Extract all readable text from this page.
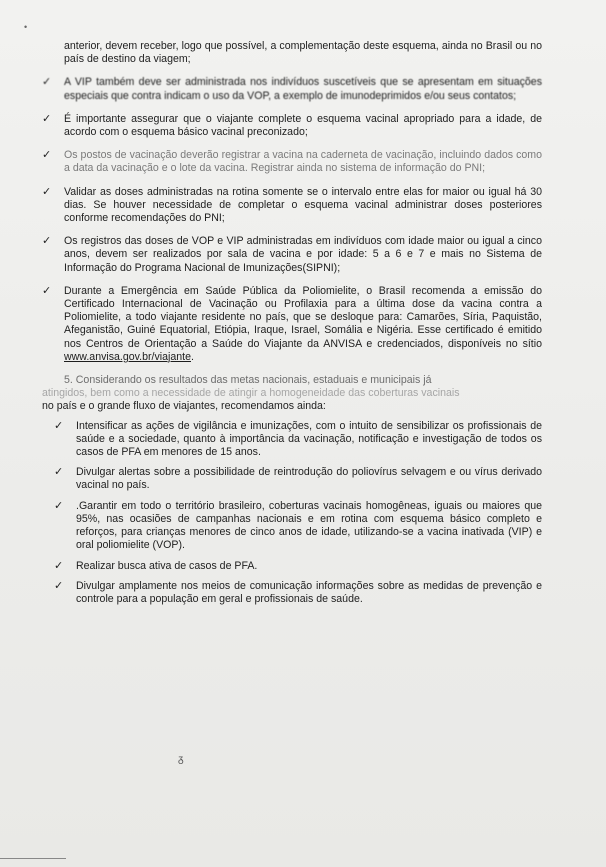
•

anterior, devem receber, logo que possível, a complementação deste esquema, ainda no Brasil ou no país de destino da viagem;

✓ A VIP também deve ser administrada nos indivíduos suscetíveis que se apresentam em situações especiais que contra indicam o uso da VOP, a exemplo de imunodeprimidos e/ou seus contatos;
✓ É importante assegurar que o viajante complete o esquema vacinal apropriado para a idade, de acordo com o esquema básico vacinal preconizado;
✓ Os postos de vacinação deverão registrar a vacina na caderneta de vacinação, incluindo dados como a data da vacinação e o lote da vacina. Registrar ainda no sistema de informação do PNI;
✓ Validar as doses administradas na rotina somente se o intervalo entre elas for maior ou igual há 30 dias. Se houver necessidade de completar o esquema vacinal administrar doses posteriores conforme recomendações do PNI;
✓ Os registros das doses de VOP e VIP administradas em indivíduos com idade maior ou igual a cinco anos, devem ser realizados por sala de vacina e por idade: 5 a 6 e 7 e mais no Sistema de Informação do Programa Nacional de Imunizações(SIPNI);
✓ Durante a Emergência em Saúde Pública da Poliomielite, o Brasil recomenda a emissão do Certificado Internacional de Vacinação ou Profilaxia para a última dose da vacina contra a Poliomielite, a todo viajante residente no país, que se desloque para: Camarões, Síria, Paquistão, Afeganistão, Guiné Equatorial, Etiópia, Iraque, Israel, Somália e Nigéria. Esse certificado é emitido nos Centros de Orientação a Saúde do Viajante da ANVISA e credenciados, disponíveis no sítio www.anvisa.gov.br/viajante.
5. Considerando os resultados das metas nacionais, estaduais e municipais já
atingidos, bem como a necessidade de atingir a homogeneidade das coberturas vacinais
no país e o grande fluxo de viajantes, recomendamos ainda:
✓ Intensificar as ações de vigilância e imunizações, com o intuito de sensibilizar os profissionais de saúde e a sociedade, quanto à importância da vacinação, notificação e investigação de todos os casos de PFA em menores de 15 anos.
✓ Divulgar alertas sobre a possibilidade de reintrodução do poliovírus selvagem e ou vírus derivado vacinal no país.
✓ .Garantir em todo o território brasileiro, coberturas vacinais homogêneas, iguais ou maiores que 95%, nas ocasiões de campanhas nacionais e em rotina com esquema básico completo e reforços, para crianças menores de cinco anos de idade, utilizando-se a vacina inativada (VIP) e oral poliomielite (VOP).
✓ Realizar busca ativa de casos de PFA.
✓ Divulgar amplamente nos meios de comunicação informações sobre as medidas de prevenção e controle para a população em geral e profissionais de saúde.
ᵹ
